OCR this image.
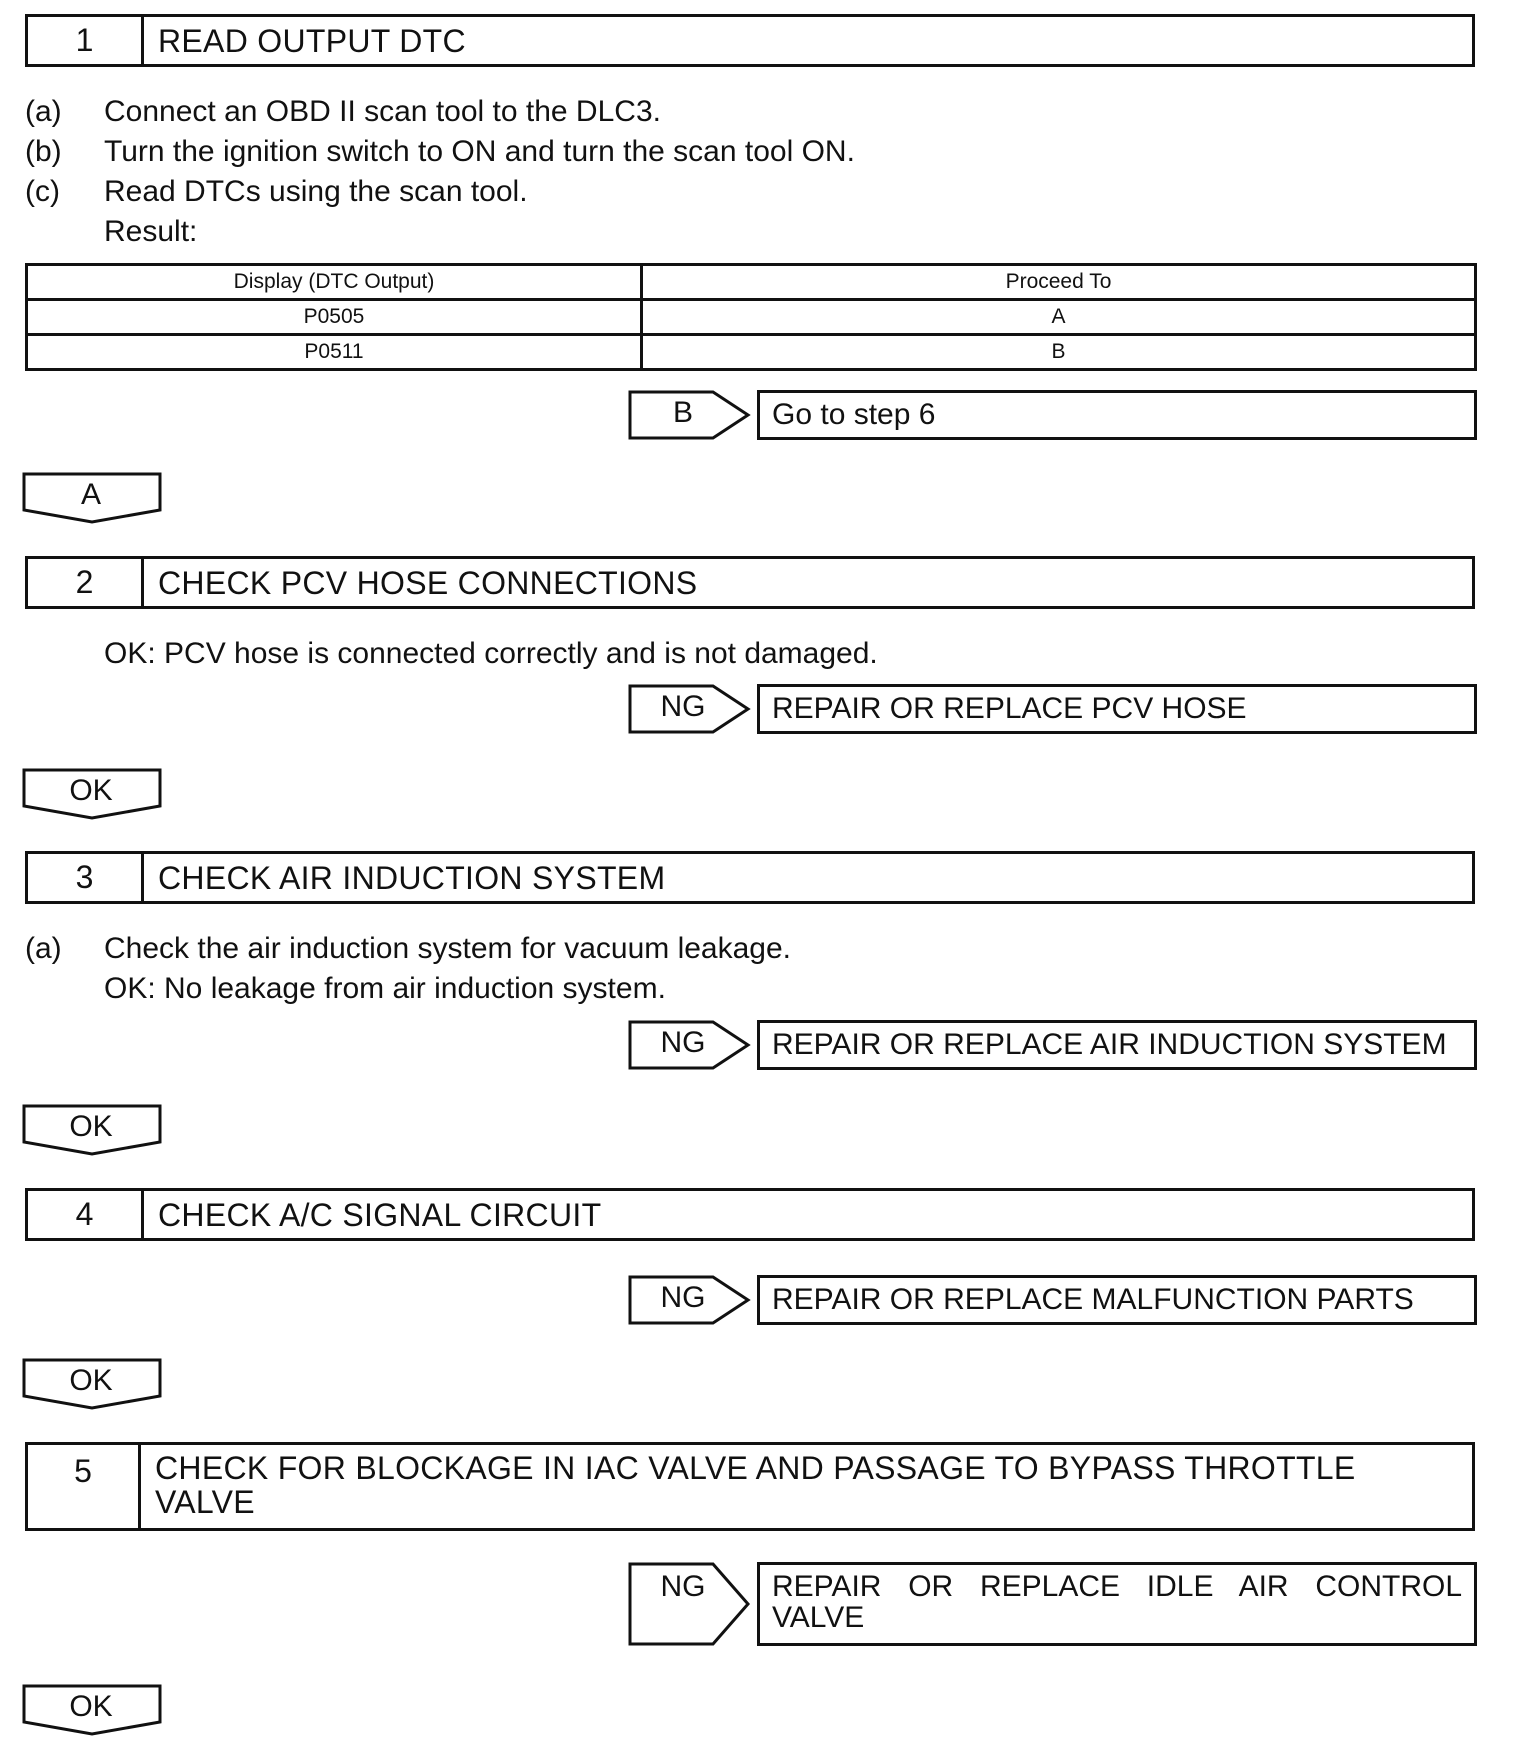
1	READ OUTPUT DTC
(a) Connect an OBD II scan tool to the DLC3.
(b) Turn the ignition switch to ON and turn the scan tool ON.
(c) Read DTCs using the scan tool.
Result:
Display (DTC Output)	Proceed To
P0505	A
P0511	B
B	Go to step 6
A
2	CHECK PCV HOSE CONNECTIONS
OK: PCV hose is connected correctly and is not damaged.
NG	REPAIR OR REPLACE PCV HOSE
OK
3	CHECK AIR INDUCTION SYSTEM
(a) Check the air induction system for vacuum leakage.
OK: No leakage from air induction system.
NG	REPAIR OR REPLACE AIR INDUCTION SYSTEM
OK
4	CHECK A/C SIGNAL CIRCUIT
NG	REPAIR OR REPLACE MALFUNCTION PARTS
OK
5	CHECK FOR BLOCKAGE IN IAC VALVE AND PASSAGE TO BYPASS THROTTLE VALVE
NG	REPAIR OR REPLACE IDLE AIR CONTROL VALVE
OK
